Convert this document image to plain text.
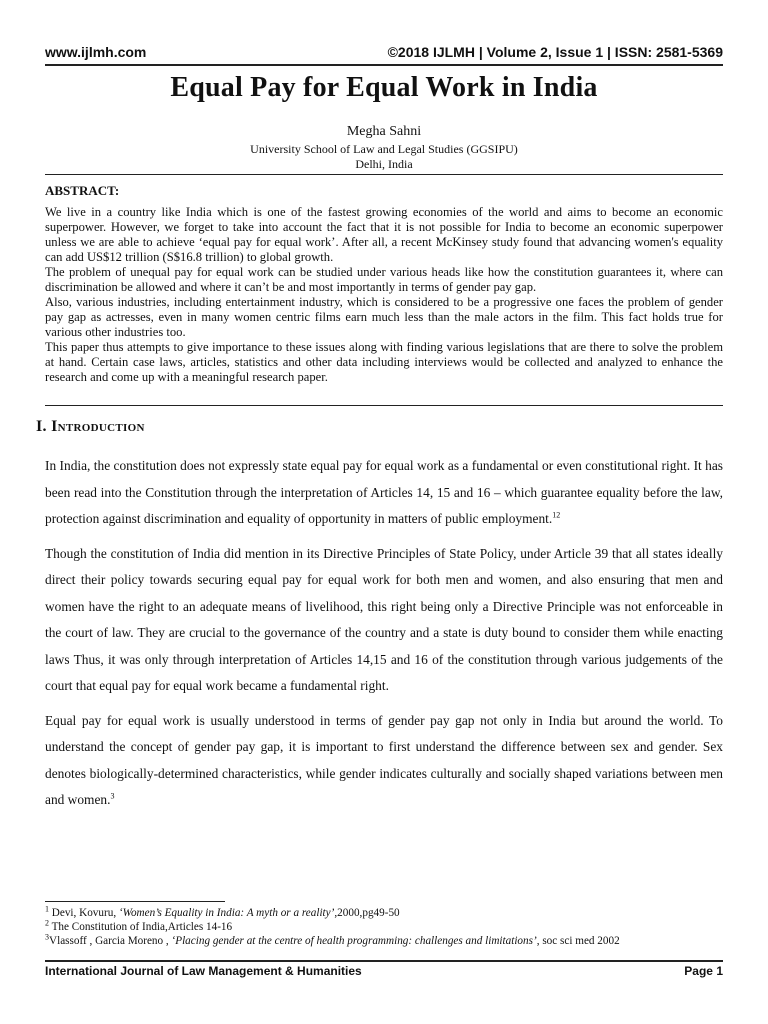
www.ijlmh.com	©2018 IJLMH | Volume 2, Issue 1 | ISSN: 2581-5369
Equal Pay for Equal Work in India
Megha Sahni
University School of Law and Legal Studies (GGSIPU)
Delhi, India
ABSTRACT:

We live in a country like India which is one of the fastest growing economies of the world and aims to become an economic superpower. However, we forget to take into account the fact that it is not possible for India to become an economic superpower unless we are able to achieve ‘equal pay for equal work’. After all, a recent McKinsey study found that advancing women's equality can add US$12 trillion (S$16.8 trillion) to global growth.

The problem of unequal pay for equal work can be studied under various heads like how the constitution guarantees it, where can discrimination be allowed and where it can’t be and most importantly in terms of gender pay gap.

Also, various industries, including entertainment industry, which is considered to be a progressive one faces the problem of gender pay gap as actresses, even in many women centric films earn much less than the male actors in the film. This fact holds true for various other industries too.

This paper thus attempts to give importance to these issues along with finding various legislations that are there to solve the problem at hand. Certain case laws, articles, statistics and other data including interviews would be collected and analyzed to enhance the research and come up with a meaningful research paper.

I. Introduction

In India, the constitution does not expressly state equal pay for equal work as a fundamental or even constitutional right. It has been read into the Constitution through the interpretation of Articles 14, 15 and 16 – which guarantee equality before the law, protection against discrimination and equality of opportunity in matters of public employment.$^{12}$

Though the constitution of India did mention in its Directive Principles of State Policy, under Article 39 that all states ideally direct their policy towards securing equal pay for equal work for both men and women, and also ensuring that men and women have the right to an adequate means of livelihood, this right being only a Directive Principle was not enforceable in the court of law. They are crucial to the governance of the country and a state is duty bound to consider them while enacting laws Thus, it was only through interpretation of Articles 14,15 and 16 of the constitution through various judgements of the court that equal pay for equal work became a fundamental right.

Equal pay for equal work is usually understood in terms of gender pay gap not only in India but around the world. To understand the concept of gender pay gap, it is important to first understand the difference between sex and gender. Sex denotes biologically-determined characteristics, while gender indicates culturally and socially shaped variations between men and women.$^3$

$^1$ Devi, Kovuru, ‘Women’s Equality in India: A myth or a reality’,2000,pg49-50
$^2$ The Constitution of India,Articles 14-16
$^3$Vlassoff , Garcia Moreno , ‘Placing gender at the centre of health programming: challenges and limitations’, soc sci med 2002
International Journal of Law Management & Humanities	Page 1
